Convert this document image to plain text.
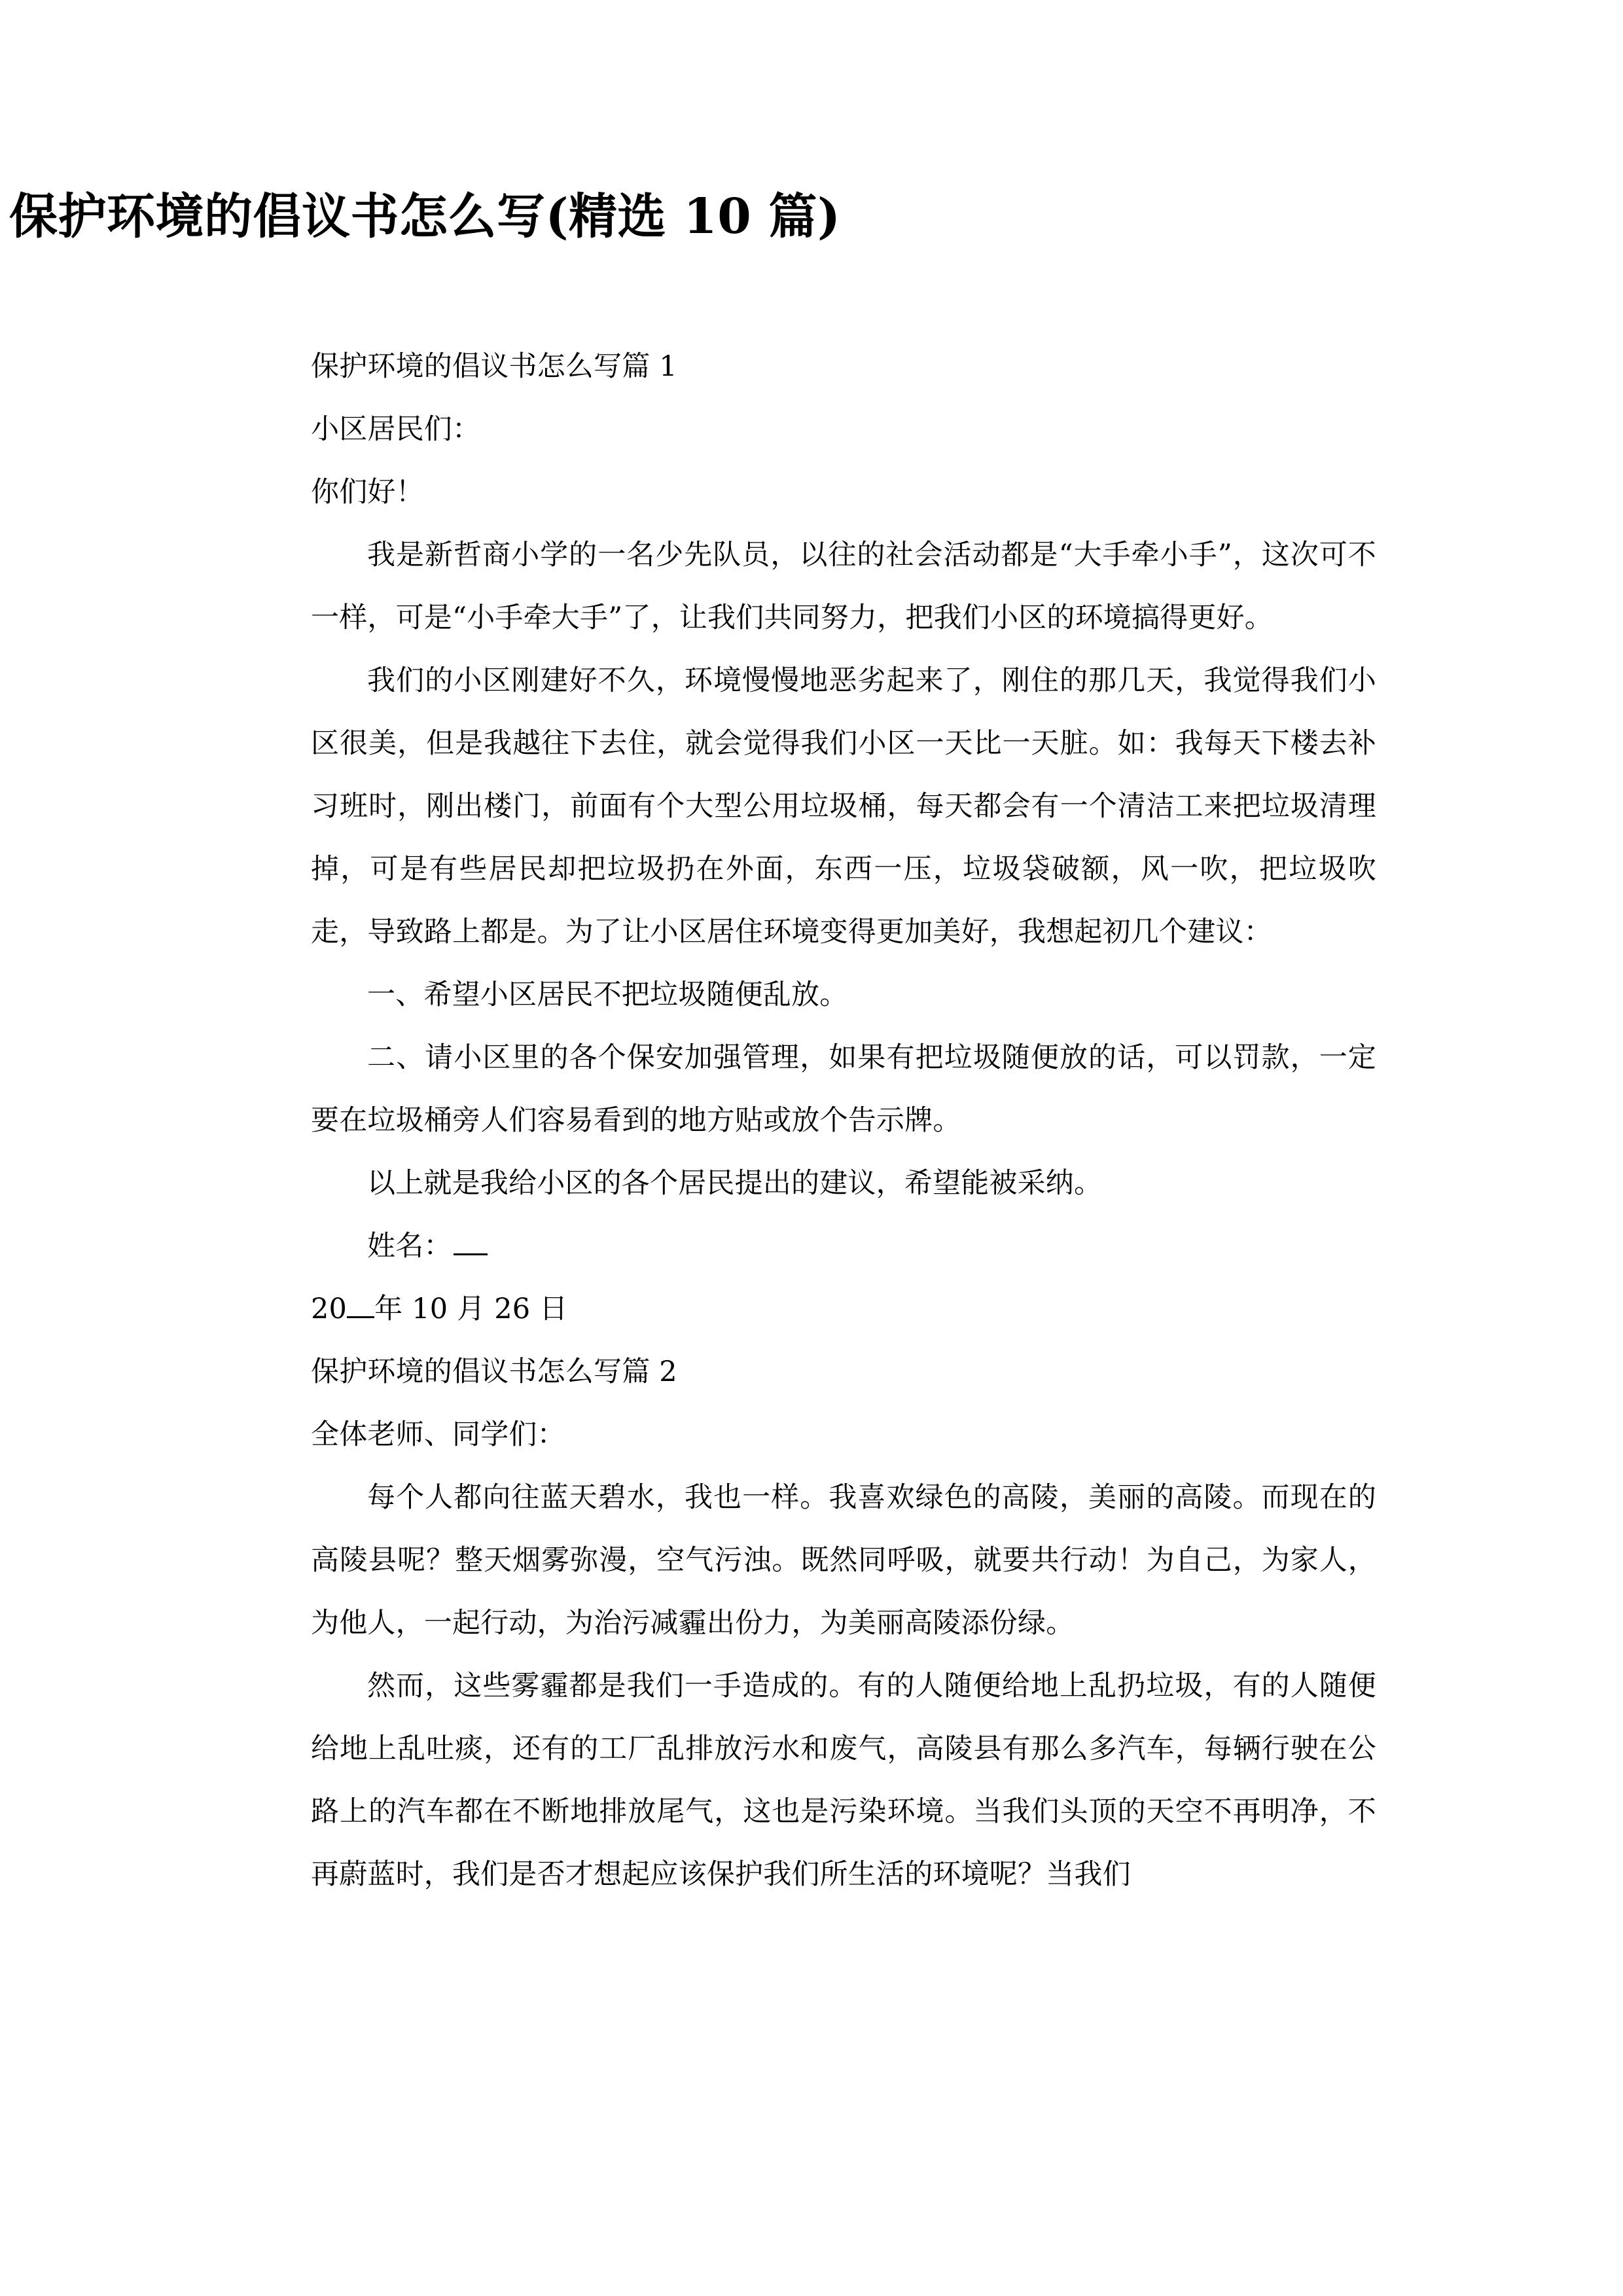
保护环境的倡议书怎么写(精选 10 篇)

保护环境的倡议书怎么写篇 1

小区居民们：

你们好！

我是新哲商小学的一名少先队员，以往的社会活动都是“大手牵小手”，这次可不一样，可是“小手牵大手”了，让我们共同努力，把我们小区的环境搞得更好。

我们的小区刚建好不久，环境慢慢地恶劣起来了，刚住的那几天，我觉得我们小区很美，但是我越往下去住，就会觉得我们小区一天比一天脏。如：我每天下楼去补习班时，刚出楼门，前面有个大型公用垃圾桶，每天都会有一个清洁工来把垃圾清理掉，可是有些居民却把垃圾扔在外面，东西一压，垃圾袋破额，风一吹，把垃圾吹走，导致路上都是。为了让小区居住环境变得更加美好，我想起初几个建议：

一、希望小区居民不把垃圾随便乱放。

二、请小区里的各个保安加强管理，如果有把垃圾随便放的话，可以罚款，一定要在垃圾桶旁人们容易看到的地方贴或放个告示牌。

以上就是我给小区的各个居民提出的建议，希望能被采纳。

姓名：

20 年 10 月 26 日

保护环境的倡议书怎么写篇 2

全体老师、同学们：

每个人都向往蓝天碧水，我也一样。我喜欢绿色的高陵，美丽的高陵。而现在的高陵县呢？整天烟雾弥漫，空气污浊。既然同呼吸，就要共行动！为自己，为家人，为他人，一起行动，为治污减霾出份力，为美丽高陵添份绿。

然而，这些雾霾都是我们一手造成的。有的人随便给地上乱扔垃圾，有的人随便给地上乱吐痰，还有的工厂乱排放污水和废气，高陵县有那么多汽车，每辆行驶在公路上的汽车都在不断地排放尾气，这也是污染环境。当我们头顶的天空不再明净，不再蔚蓝时，我们是否才想起应该保护我们所生活的环境呢？当我们
